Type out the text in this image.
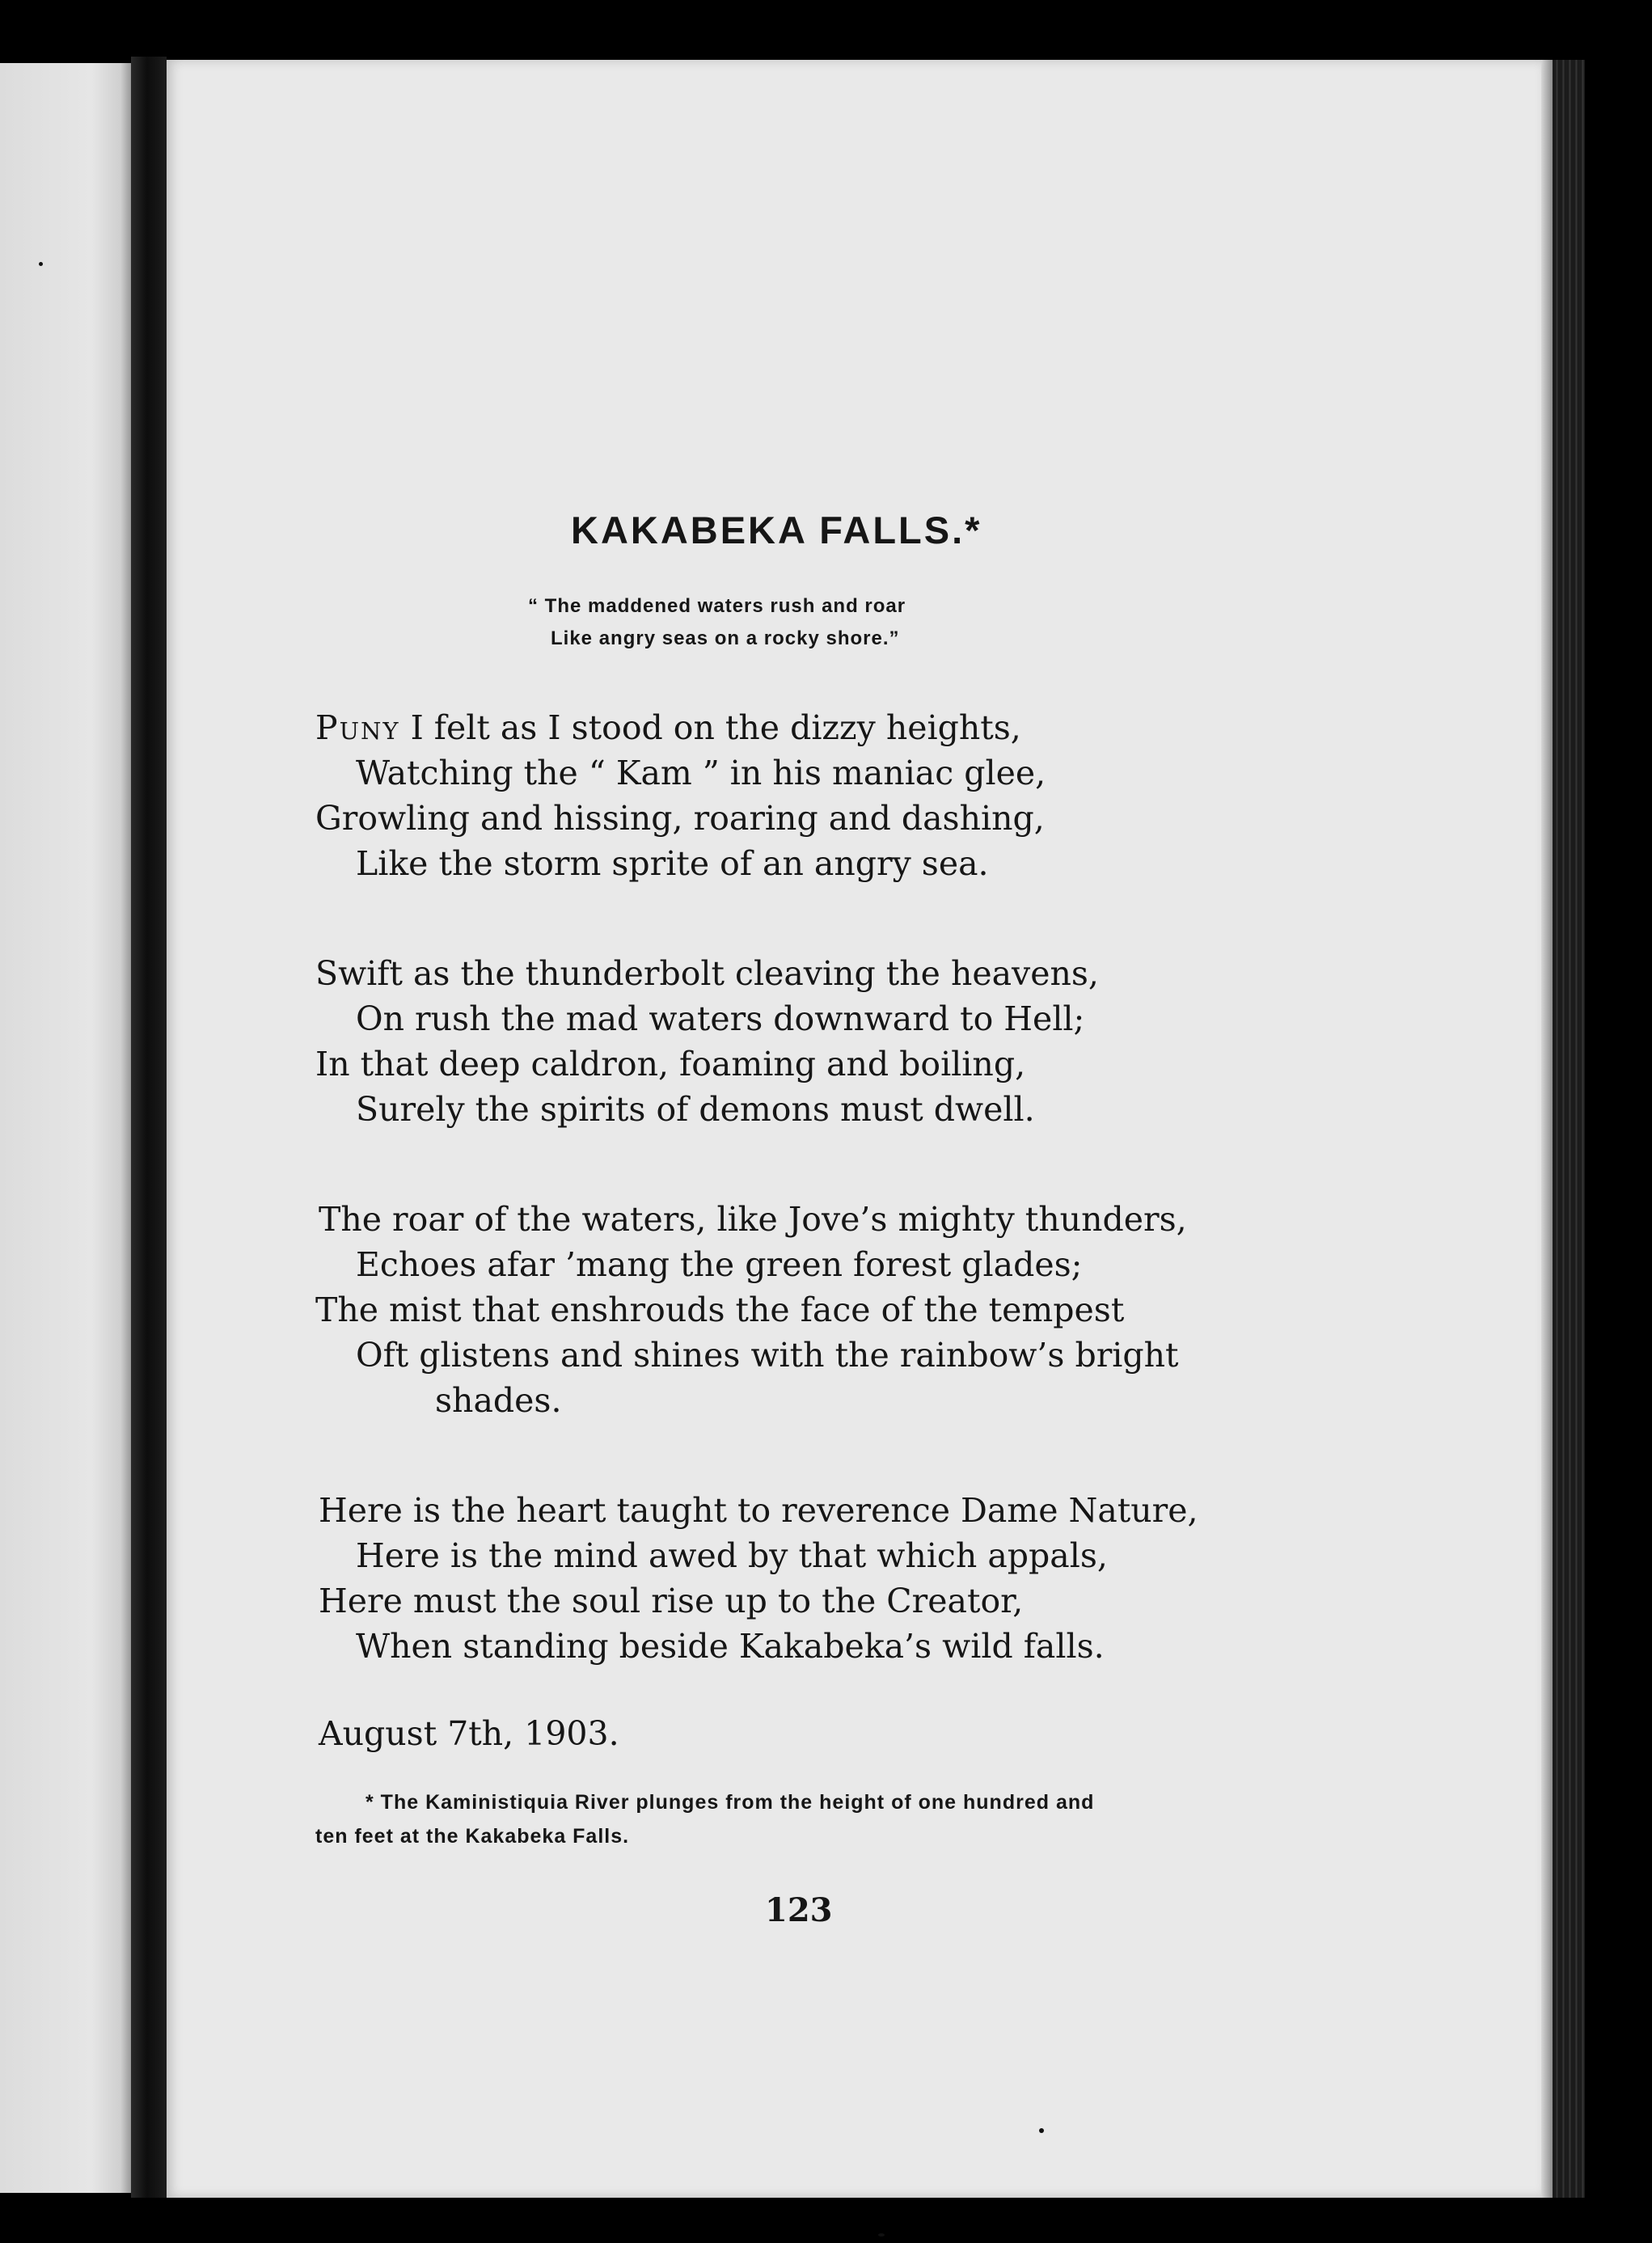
KAKABEKA FALLS.*
“ The maddened waters rush and roar
Like angry seas on a rocky shore.”
Puny I felt as I stood on the dizzy heights,
Watching the “ Kam ” in his maniac glee,
Growling and hissing, roaring and dashing,
Like the storm sprite of an angry sea.
Swift as the thunderbolt cleaving the heavens,
On rush the mad waters downward to Hell;
In that deep caldron, foaming and boiling,
Surely the spirits of demons must dwell.
The roar of the waters, like Jove’s mighty thunders,
Echoes afar ’mang the green forest glades;
The mist that enshrouds the face of the tempest
Oft glistens and shines with the rainbow’s bright
shades.
Here is the heart taught to reverence Dame Nature,
Here is the mind awed by that which appals,
Here must the soul rise up to the Creator,
When standing beside Kakabeka’s wild falls.
August 7th, 1903.
* The Kaministiquia River plunges from the height of one hundred and
ten feet at the Kakabeka Falls.
123
